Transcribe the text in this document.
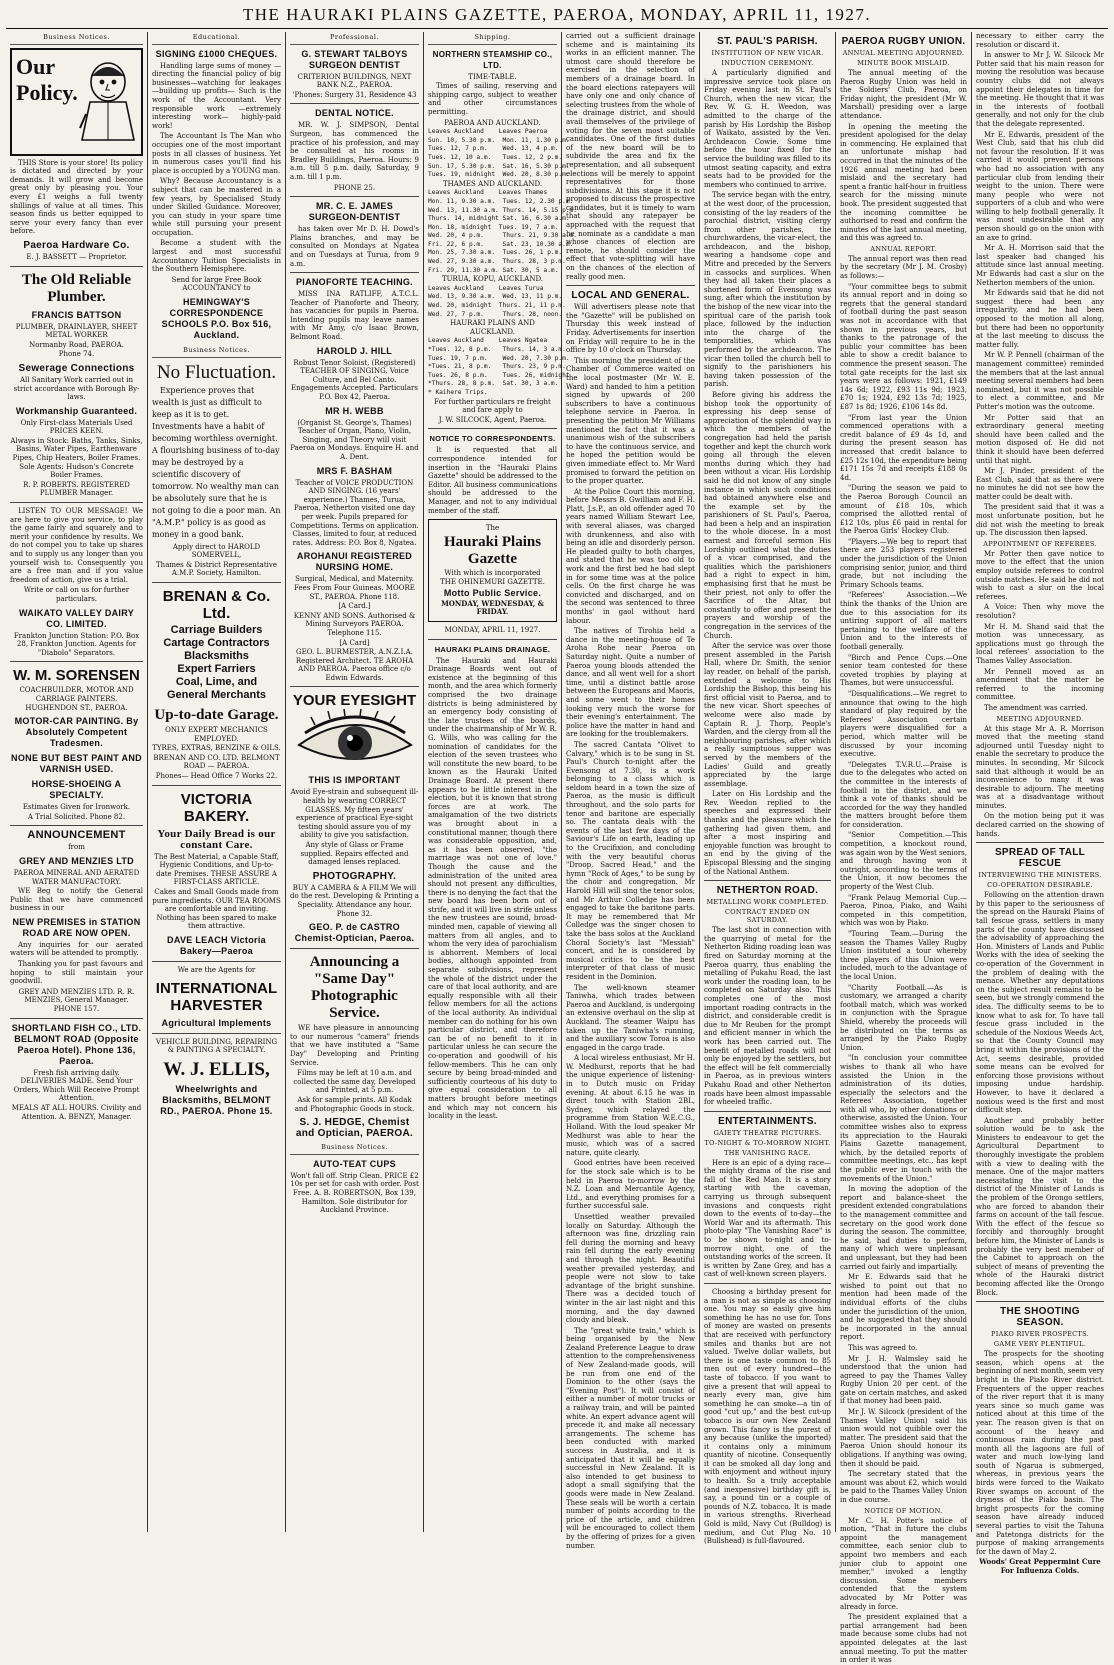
THE HAURAKI PLAINS GAZETTE, PAEROA, MONDAY, APRIL 11, 1927.
Business Notices.
Our Policy.
THIS Store is your store! Its policy is dictated and directed by your demands. It will grow and become great only by pleasing you. Your every £1 weighs a full twenty shillings of value at all times. This season finds us better equipped to serve your every fancy than ever before.
Paeroa Hardware Co.
E. J. BASSETT — Proprietor.
The Old Reliable Plumber.
FRANCIS BATTSON
PLUMBER, DRAINLAYER, SHEET METAL WORKER
Normanby Road, PAEROA.
Phone 74.
Sewerage Connections
All Sanitary Work carried out in strict accordance with Borough By-laws.
Workmanship Guaranteed.
Only First-class Materials Used PRICES KEEN.
Always in Stock: Baths, Tanks, Sinks, Basins, Water Pipes, Earthenware Pipes, Chip Heaters, Boiler Frames. Sole Agents: Hudson's Concrete Boiler Frames.
R. P. ROBERTS. REGISTERED PLUMBER Manager.
LISTEN TO OUR MESSAGE! We are here to give you service, to play the game fairly and squarely and to merit your confidence by results. We do not compel you to take up shares and to supply us any longer than you yourself wish to. Consequently you are a free man and if you value freedom of action, give us a trial.
Write or call on us for further particulars.
WAIKATO VALLEY DAIRY CO. LIMITED.
Frankton Junction Station: P.O. Box 28, Frankton Junction. Agents for "Diabolo" Separators.
W. M. SORENSEN
COACHBUILDER, MOTOR AND CARRIAGE PAINTERS. HUGHENDON ST., PAEROA.
MOTOR-CAR PAINTING. By Absolutely Competent Tradesmen.
NONE BUT BEST PAINT AND VARNISH USED.
HORSE-SHOEING A SPECIALTY.
Estimates Given for Ironwork.
A Trial Solicited. Phone 82.
ANNOUNCEMENT
from
GREY AND MENZIES LTD
PAEROA MINERAL AND AERATED WATER MANUFACTORY.
WE Beg to notify the General Public that we have commenced business in our
NEW PREMISES in STATION ROAD ARE NOW OPEN.
Any inquiries for our aerated waters will be attended to promptly.
Thanking you for past favours and hoping to still maintain your goodwill.
GREY AND MENZIES LTD. R. R. MENZIES, General Manager. PHONE 157.
SHORTLAND FISH CO., LTD. BELMONT ROAD (Opposite Paeroa Hotel). Phone 136, Paeroa.
Fresh fish arriving daily. DELIVERIES MADE. Send Your Orders, Which Will Receive Prompt Attention.
MEALS AT ALL HOURS. Civility and Attention. A. BENZY, Manager.
Educational.
SIGNING £1000 CHEQUES.
Handling large sums of money —directing the financial policy of big businesses—watching for leakages—building up profits— Such is the work of the Accountant. Very responsible work —extremely interesting work— highly-paid work!
The Accountant Is The Man who occupies one of the most important posts in all classes of business. Yet in numerous cases you'll find his place is occupied by a YOUNG man.
Why? Because Accountancy is a subject that can be mastered in a few years, by Specialised Study under Skilled Guidance. Moreover, you can study in your spare time while still pursuing your present occupation.
Become a student with the largest and most successful Accountancy Tuition Specialists in the Southern Hemisphere.
Send for large Free Book ACCOUNTANCY to
HEMINGWAY'S CORRESPONDENCE SCHOOLS P.O. Box 516, Auckland.
Business Notices.
No Fluctuation.
Experience proves that wealth is just as difficult to keep as it is to get. Investments have a habit of becoming worthless overnight. A flourishing business of to-day may be destroyed by a scientific discovery of tomorrow. No wealthy man can be absolutely sure that he is not going to die a poor man. An "A.M.P." policy is as good as money in a good bank.
Apply direct to HAROLD SOMERVELL,
Thames & District Representative A.M.P. Society, Hamilton.
BRENAN & Co. Ltd.
Carriage Builders
Cartage Contractors
Blacksmiths
Expert Farriers
Coal, Lime, and
General Merchants
Up-to-date Garage.
ONLY EXPERT MECHANICS EMPLOYED.
TYRES, EXTRAS, BENZINE & OILS.
BRENAN AND CO. LTD. BELMONT ROAD — PAEROA.
Phones— Head Office 7 Works 22.
VICTORIA BAKERY.
Your Daily Bread is our constant Care.
The Best Material, a Capable Staff, Hygienic Conditions, and Up-to-date Premises. THESE ASSURE A FIRST-CLASS ARTICLE.
Cakes and Small Goods made from pure ingredients. OUR TEA ROOMS are comfortable and inviting. Nothing has been spared to make them attractive.
DAVE LEACH Victoria Bakery—Paeroa
We are the Agents for
INTERNATIONAL HARVESTER
Agricultural Implements
VEHICLE BUILDING, REPAIRING & PAINTING A SPECIALTY.
W. J. ELLIS,
Wheelwrights and Blacksmiths, BELMONT RD., PAEROA. Phone 15.
Professional.
G. STEWART TALBOYS SURGEON DENTIST
CRITERION BUILDINGS, NEXT BANK N.Z., PAEROA.
'Phones: Surgery 31, Residence 43
DENTAL NOTICE.
MR. W. J. SIMPSON, Dental Surgeon, has commenced the practice of his profession, and may be consulted at his rooms in Bradley Buildings, Paeroa. Hours: 9 a.m. till 5 p.m. daily, Saturday, 9 a.m. till 1 p.m.
PHONE 25.
MR. C. E. JAMES SURGEON-DENTIST
has taken over Mr D. H. Dowd's Plains branches, and may be consulted on Mondays at Ngatea and on Tuesdays at Turua, from 9 a.m.
PIANOFORTE TEACHING.
MISS INA RATLIFF, A.T.C.L. Teacher of Pianoforte and Theory, has vacancies for pupils in Paeroa. Intending pupils may leave names with Mr Amy, c/o Isaac Brown, Belmont Road.
HAROLD J. HILL
Robust Tenor Soloist, (Registered) TEACHER OF SINGING, Voice Culture, and Bel Canto. Engagements Accepted. Particulars P.O. Box 42, Paeroa.
MR H. WEBB
(Organist St. George's, Thames) Teacher of Organ, Piano, Violin, Singing, and Theory will visit Paeroa on Mondays. Enquire H. and A. Dent.
MRS F. BASHAM
Teacher of VOICE PRODUCTION AND SINGING. (16 years' experience.) Thames, Turua, Paeroa, Netherton visited one day per week. Pupils prepared for Competitions. Terms on application. Classes, limited to four, at reduced rates. Address: P.O. Box 8, Ngatea.
AROHANUI REGISTERED NURSING HOME.
Surgical, Medical, and Maternity. Fees From Four Guineas. MOORE ST., PAEROA. Phone 118.
[A Card.]
KENNY AND SONS. Authorised & Mining Surveyors PAEROA. Telephone 115.
[A Card]
GEO. L. BURMESTER, A.N.Z.I.A. Registered Architect. TE AROHA AND PAEROA. Paeroa office c/o Edwin Edwards.
YOUR EYESIGHT
THIS IS IMPORTANT
Avoid Eye-strain and subsequent ill-health by wearing CORRECT GLASSES. My fifteen years' experience of practical Eye-sight testing should assure you of my ability to give you satisfaction.
Any style of Glass or Frame supplied. Repairs effected and damaged lenses replaced.
PHOTOGRAPHY.
BUY A CAMERA & A FILM We will do the rest. Developing & Printing a Speciality. Attendance any hour. Phone 32.
GEO. P. de CASTRO Chemist-Optician, Paeroa.
Announcing a "Same Day" Photographic Service.
WE have pleasure in announcing to our numerous "camera" friends that we have instituted a "Same Day" Developing and Printing Service.
Films may be left at 10 a.m. and collected the same day, Developed and Printed, at 5 p.m.
Ask for sample prints. All Kodak and Photographic Goods in stock.
S. J. HEDGE, Chemist and Optician, PAEROA.
Business Notices.
AUTO-TEAT CUPS
Won't fall off. Strip Clean. PRICE £2 10s per set for cash with order. Post Free. A. B. ROBERTSON, Box 139, Hamilton. Sole distributor for Auckland Province.
Shipping.
NORTHERN STEAMSHIP CO., LTD.
TIME-TABLE.
Times of sailing, reserving and shipping cargo, subject to weather and other circumstances permitting.
PAEROA AND AUCKLAND.
Leaves Auckland    Leaves Paeroa
Sun. 10, 5.30 p.m.  Mon. 11, 1.30 p.m.
Tues. 12, 7 p.m.    Wed. 13, 4 p.m.
Tues. 12, 10 a.m.   Tues. 12, 2 p.m.
Sun. 17, 5.30 p.m.  Sat. 16, 5.30 p.m.
Tues. 19, midnight  Wed. 20, 8.30 p.m.
THAMES AND AUCKLAND.
Leaves Auckland    Leaves Thames
Mon. 11, 9.30 a.m.  Tues. 12, 2.30 p.m.
Wed. 13, 11.30 a.m. Thurs. 14, 5.15 p.m.
Thurs. 14, midnight Sat. 16, 6.30 a.m.
Mon. 18, midnight  Tues. 19, 7 a.m.
Wed. 20, 4 p.m.     Thurs. 21, 9.30 a.m.
Fri. 22, 6 p.m.     Sat. 23, 10.30 a.m.
Mon. 25, 7.30 a.m.  Tues. 26, 1 p.m.
Wed. 27, 9.30 a.m.  Thurs. 28, 3 p.m.
Fri. 29, 11.30 a.m. Sat. 30, 5 a.m.
TURUA, KOPU, AUCKLAND.
Leaves Auckland    Leaves Turua
Wed. 13, 9.30 a.m.  Wed. 13, 11 p.m.
Wed. 20, midnight  Thurs. 21, 11 p.m.
Wed. 27, 7 p.m.     Thurs. 28, noon.
HAURAKI PLAINS AND AUCKLAND.
Leaves Auckland    Leaves Ngatea
*Tues. 12, 8 p.m.   Thurs. 14, 3 a.m.
Tues. 19, 7 p.m.    Wed. 20, 7.30 p.m.
*Tues. 21, 8 p.m.   Thurs. 23, 9 p.m.
Tues. 26, 8 p.m.    Tues. 26, midnight
*Thurs. 28, 8 p.m.  Sat. 30, 3 a.m.
* Kaihere Trips.
For further particulars re freight and fare apply to
J. W. SILCOCK, Agent, Paeroa.
NOTICE TO CORRESPONDENTS.
It is requested that all correspondence intended for insertion in the "Hauraki Plains Gazette" should be addressed to the Editor. All business communications should be addressed to the Manager, and not to any individual member of the staff.
The
Hauraki Plains Gazette
With which is incorporated
THE OHINEMURI GAZETTE.
Motto Public Service.
MONDAY, WEDNESDAY, & FRIDAY.
MONDAY, APRIL 11, 1927.
HAURAKI PLAINS DRAINAGE.
The Hauraki and Hauraki Drainage Boards went out of existence at the beginning of this month, and the area which formerly comprised the two drainage districts is being administered by an emergency body consisting of the late trustees of the boards, under the chairmanship of Mr W. R. G. Wills, who was calling for the nomination of candidates for the election of the seven trustees who will constitute the new board, to be known as the Hauraki United Drainage Board. At present there appears to be little interest in the election, but it is known that strong forces are at work. The amalgamation of the two districts was brought about in a constitutional manner, though there was considerable opposition, and, as it has been observed, "the marriage was not one of love." Though the cause and the administration of the united area should not present any difficulties, there is no denying the fact that the new board has been born out of strife, and it will live in strife unless the new trustees are sound, broad-minded men, capable of viewing all matters from all angles, and to whom the very idea of parochialism is abhorrent. Members of local bodies, although appointed from separate subdivisions, represent the whole of the district under the care of that local authority, and are equally responsible with all their fellow members for all the actions of the local authority. An individual member can do nothing for his own particular district, and therefore can be of no benefit to it in particular unless he can secure the co-operation and goodwill of his fellow-members. This he can only secure by being broad-minded and sufficiently courteous of his duty to give equal consideration to all matters brought before meetings and which may not concern his locality in the least.
carried out a sufficient drainage scheme and is maintaining its works in an efficient manner. The utmost care should therefore be exercised in the selection of members of a drainage board. In the board elections ratepayers will have only one and only chance of selecting trustees from the whole of the drainage district, and should avail themselves of the privilege of voting for the seven most suitable candidates. One of the first duties of the new board will be to subdivide the area and fix the representation, and all subsequent elections will be merely to appoint representatives for those subdivisions. At this stage it is not proposed to discuss the prospective candidates, but it is timely to warn that should any ratepayer be approached with the request that he nominate as a candidate a man whose chances of election are remote, he should consider the effect that vote-splitting will have on the chances of the election of really good men.
LOCAL AND GENERAL.
Will advertisers please note that the "Gazette" will be published on Thursday this week instead of Friday. Advertisements for insertion on Friday will require to be in the office by 10 o'clock on Thursday.
This morning the president of the Chamber of Commerce waited on the local postmaster (Mr W. E. Ward) and handed to him a petition signed by upwards of 200 subscribers to have a continuous telephone service in Paeroa. In presenting the petition Mr Williams mentioned the fact that it was a unanimous wish of the subscribers to have the continuous service, and he hoped the petition would be given immediate effect to. Mr Ward promised to forward the petition on to the proper quarter.
At the Police Court this morning, before Messrs B. Gwilliam and F. H. Platt, J.s.P., an old offender aged 70 years named William Stewart Lee, with several aliases, was charged with drunkenness, and also with being an idle and disorderly person. He pleaded guilty to both charges, and stated that he was too old to work and the first bed he had slept in for some time was at the police cells. On the first charge he was convicted and discharged, and on the second was sentenced to three months' in gaol without hard labour.
The natives of Tirohia held a dance in the meeting-house of Te Aroha Rohe near Paeroa on Saturday night. Quite a number of Paeroa young bloods attended the dance, and all went well for a short time, until a distinct battle arose between the Europeans and Maoris, and some went to their homes looking very much the worse for their evening's entertainment. The police have the matter in hand and are looking for the troublemakers.
The sacred Cantata "Olivet to Calvary," which is to be sung in St. Paul's Church to-night after the Evensong at 7.30, is a work belonging to a class which is seldom heard in a town the size of Paeroa, as the music is difficult throughout, and the solo parts for tenor and baritone are especially so. The cantata deals with the events of the last few days of the Saviour's Life on earth, leading up to the Crucifixion, and concluding with the very beautiful chorus "Droop, Sacred Head," and the hymn "Rock of Ages," to be sung by the choir and congregation. Mr Harold Hill will sing the tenor solos, and Mr Arthur Colledge has been engaged to take the baritone parts. It may be remembered that Mr Colledge was the singer chosen to take the bass solos at the Auckland Choral Society's last "Messiah" concert, and he is considered by musical critics to be the best interpreter of that class of music resident in the Dominion.
The well-known steamer Taniwha, which trades between Paeroa and Auckland, is undergoing an extensive overhaul on the slip at Auckland. The steamer Waipu has taken up the Taniwha's running, and the auxiliary scow Toroa is also engaged in the cargo trade.
A local wireless enthusiast, Mr H. W. Medhurst, reports that he had the unique experience of listening-in to Dutch music on Friday evening. At about 6.15 he was in direct touch with Station 2BL, Sydney, which relayed the programme from Station W.E.C.G., Holland. With the loud speaker Mr Medhurst was able to hear the music, which was of a sacred nature, quite clearly.
Good entries have been received for the stock sale which is to be held in Paeroa to-morrow by the N.Z. Loan and Mercantile Agency, Ltd., and everything promises for a further successful sale.
Unsettled weather prevailed locally on Saturday. Although the afternoon was fine, drizzling rain fell during the morning and heavy rain fell during the early evening and through the night. Beautiful weather prevailed yesterday, and people were not slow to take advantage of the bright sunshine. There was a decided touch of winter in the air last night and this morning, and the day dawned cloudy and bleak.
The "great white train," which is being organised by the New Zealand Preference League to draw attention to the comprehensiveness of New Zealand-made goods, will be run from one end of the Dominion to the other (says the "Evening Post"). It will consist of either a number of motor trucks or a railway train, and will be painted white. An expert advance agent will precede it, and make all necessary arrangements. The scheme has been conducted with marked success in Australia, and it is anticipated that it will be equally successful in New Zealand. It is also intended to get business to adopt a small signifying that the goods were made in New Zealand. These seals will be worth a certain number of points according to the price of the article, and children will be encouraged to collect them by the offering of prizes for a given number.
ST. PAUL'S PARISH.
INSTITUTION OF NEW VICAR.
INDUCTION CEREMONY.
A particularly dignified and impressive service took place on Friday evening last in St. Paul's Church, when the new vicar, the Rev. W. G. H. Weedon, was admitted to the charge of the parish by His Lordship the Bishop of Waikato, assisted by the Ven. Archdeacon Cowie. Some time before the hour fixed for the service the building was filled to its utmost seating capacity, and extra seats had to be provided for the members who continued to arrive.
The service began with the entry, at the west door, of the procession, consisting of the lay readers of the parochial district, visiting clergy from other parishes, the churchwardens, the vicar-elect, the archdeacon, and the bishop, wearing a handsome cope and Mitre and preceded by the Servers in cassocks and surplices. When they had all taken their places a shortened form of Evensong was sung, after which the institution by the bishop of the new vicar into the spiritual care of the parish took place, followed by the induction into the charge of the temporalities, which was performed by the archdeacon. The vicar then tolled the church bell to signify to the parishioners his having taken possession of the parish.
Before giving his address the bishop took the opportunity of expressing his deep sense of appreciation of the splendid way in which the members of the congregation had held the parish together and kept the church work going all through the eleven months during which they had been without a vicar. His Lordship said he did not know of any single instance in which such conditions had obtained anywhere else and the example set by the parishioners of St. Paul's, Paeroa, had been a help and an inspiration to the whole diocese. In a most earnest and forceful sermon His Lordship outlined what the duties of a vicar comprised, and the qualities which the parishioners had a right to expect in him, emphasising first that he must be their priest, not only to offer the Sacrifice of the Altar, but constantly to offer and present the prayers and worship of the congregation in the services of the Church.
After the service was over those present assembled in the Parish Hall, where Dr. Smith, the senior lay reader, on behalf of the parish, extended a welcome to His Lordship the Bishop, this being his first official visit to Paeroa, and to the new vicar. Short speeches of welcome were also made by Captain R. J. Thorp, People's Warden, and the clergy from all the neighbouring parishes, after which a really sumptuous supper was served by the members of the Ladies' Guild and greatly appreciated by the large assemblage.
Later on His Lordship and the Rev. Weedon replied to the speeches and expressed their thanks and the pleasure which the gathering had given them, and after a most inspiring and enjoyable function was brought to an end by the giving of the Episcopal Blessing and the singing of the National Anthem.
NETHERTON ROAD.
METALLING WORK COMPLETED.
CONTRACT ENDED ON SATURDAY.
The last shot in connection with the quarrying of metal for the Netherton Riding roading loan was fired on Saturday morning at the Paeroa quarry, thus enabling the metalling of Pukahu Road, the last work under the roading loan, to be completed on Saturday also. This completes one of the most important roading contracts in the district, and considerable credit is due to Mr Reuben for the prompt and efficient manner in which the work has been carried out. The benefit of metalled roads will not only be enjoyed by the settlers, but the effect will be felt commercially in Paeroa, as in previous winters Pukahu Road and other Netherton roads have been almost impassable for wheeled traffic.
ENTERTAINMENTS.
GAIETY THEATRE PICTURES.
TO-NIGHT & TO-MORROW NIGHT.
THE VANISHING RACE.
Here is an epic of a dying race—the mighty drama of the rise and fall of the Red Man. It is a story starting with the caveman, carrying us through subsequent invasions and conquests right down to the events of to-day—the World War and its aftermath. This photo-play "The Vanishing Race" is to be shown to-night and to-morrow night, one of the outstanding works of the screen. It is written by Zane Grey, and has a cast of well-known screen players.
Choosing a birthday present for a man is not as simple as choosing one. You may so easily give him something he has no use for. Tons of money are wasted on presents that are received with perfunctory smiles and thanks but are not valued. Twelve dollar wallets, but there is one taste common to 85 men out of every hundred—the taste of tobacco. If you want to give a present that will appeal to nearly every man, give him something he can smoke—a tin of good "cut up," and the best cut-up tobacco is our own New Zealand grown. This fancy is the purest of any because (unlike the imported) it contains only a minimum quantity of nicotine. Consequently it can be smoked all day long and with enjoyment and without injury to health. So a truly acceptable (and inexpensive) birthday gift is, say, a pound tin or a couple of pounds of N.Z. tobacco. It is made in various strengths. Riverhead Gold is mild, Navy Cut (Bulldog) is medium, and Cut Plug No. 10 (Bullshead) is full-flavoured.
PAEROA RUGBY UNION.
ANNUAL MEETING ADJOURNED.
MINUTE BOOK MISLAID.
The annual meeting of the Paeroa Rugby Union was held in the Soldiers' Club, Paeroa, on Friday night, the president (Mr W. Marshall) presiding over a large attendance.
In opening the meeting the president apologised for the delay in commencing. He explained that an unfortunate mishap had occurred in that the minutes of the 1926 annual meeting had been mislaid and the secretary had spent a frantic half-hour in fruitless search for the missing minute book. The president suggested that the incoming committee be authorised to read and confirm the minutes of the last annual meeting, and this was agreed to.
ANNUAL REPORT.
The annual report was then read by the secretary (Mr J. M. Crosby) as follows:—
"Your committee begs to submit its annual report and in doing so regrets that the general standard of football during the past season was not in accordance with that shown in previous years, but thanks to the patronage of the public your committee has been able to show a credit balance to commence the present season. The total gate receipts for the last six years were as follows: 1921, £149 14s 6d; 1922, £93 11s 9d; 1923, £70 1s; 1924, £92 13s 7d; 1925, £87 1s 8d; 1926, £106 14s 8d.
"From last year the Union commenced operations with a credit balance of £9 4s 1d, and during the present season has increased that credit balance to £25 12s 10d, the expenditure being £171 15s 7d and receipts £188 0s 4d.
"During the season we paid to the Paeroa Borough Council an amount of £18 10s, which comprised the allotted rental of £12 10s, plus £6 paid in rental for the Paeroa Girls' Hockey Club.
"Players.—We beg to report that there are 253 players registered under the jurisdiction of the Union comprising senior, junior, and third grade, but not including the Primary Schools teams.
"Referees' Association.—We think the thanks of the Union are due to this association for its untiring support of all matters pertaining to the welfare of the Union and to the interests of football generally.
"Birch and Pence Cups.—One senior team contested for these coveted trophies by playing at Thames, but were unsuccessful.
"Disqualifications.—We regret to announce that owing to the high standard of play required by the Referees' Association certain players were disqualified for a period, which matter will be discussed by your incoming executive.
"Delegates T.V.R.U.—Praise is due to the delegates who acted on the committee in the interests of football in the district, and we think a vote of thanks should be accorded for the way they handled the matters brought before them for consideration.
"Senior Competition.—This competition, a knockout round, was again won by the West seniors, and through having won it outright, according to the terms of the Union, it now becomes the property of the West Club.
"Frank Pelaug Memorial Cup.—Paeroa, Pinoa, Piako, and Waihi competed in this competition, which was won by Piako.
"Touring Team.—During the season the Thames Valley Rugby Union instituted a tour whereby three players of this Union were included, much to the advantage of the local Union.
"Charity Football.—As is customary, we arranged a charity football match, which was worked in conjunction with the Sprague Shield, whereby the proceeds will be distributed on the terms as arranged by the Piako Rugby Union.
"In conclusion your committee wishes to thank all who have assisted the Union in the administration of its duties, especially the selectors and the Referees' Association, together with all who, by other donations or otherwise, assisted the Union. Your committee wishes also to express its appreciation to the Hauraki Plains Gazette management, which, by the detailed reports of committee meetings, etc., has kept the public ever in touch with the movements of the Union."
In moving the adoption of the report and balance-sheet the president extended congratulations to the management committee and secretary on the good work done during the season. The committee, he said, had duties to perform, many of which were unpleasant and unpleasant, but they had been carried out fairly and impartially.
Mr E. Edwards said that he wished to point out that no mention had been made of the individual efforts of the clubs under the jurisdiction of the union, and he suggested that they should be incorporated in the annual report.
This was agreed to.
Mr J. H. Walmsley said he understood that the union had agreed to pay the Thames Valley Rugby Union 20 per cent. of the gate on certain matches, and asked if that money had been paid.
Mr J. W. Silcock (president of the Thames Valley Union) said his union would not quibble over the matter. The president said that the Paeroa Union should honour its obligations. If anything was owing, then it should be paid.
The secretary stated that the amount was about £2, which would be paid to the Thames Valley Union in due course.
NOTICE OF MOTION.
Mr C. H. Potter's notice of motion, "That in future the clubs appoint the management committee, each senior club to appoint two members and each junior club to appoint one member," invoked a lengthy discussion. Some members contended that the system advocated by Mr Potter was already in force.
The president explained that a partial arrangement had been made because some clubs had not appointed delegates at the last annual meeting. To put the matter in order it was
necessary to either carry the resolution or discard it.
In answer to Mr J. W. Silcock Mr Potter said that his main reason for moving the resolution was because country clubs did not always appoint their delegates in time for the meeting. He thought that it was in the interests of football generally, and not only for the club that the delegate represented.
Mr E. Edwards, president of the West Club, said that his club did not favour the resolution. If it was carried it would prevent persons who had no association with any particular club from lending their weight to the union. There were many people who were not supporters of a club and who were willing to help football generally. It was most undesirable that any person should go on the union with an axe to grind.
Mr A. H. Morrison said that the last speaker had changed his attitude since last annual meeting. Mr Edwards had cast a slur on the Netherton members of the union.
Mr Edwards said that he did not suggest there had been any irregularity, and he had been opposed to the motion all along, but there had been no opportunity at the last meeting to discuss the matter fully.
Mr W. P. Pennell (chairman of the management committee) reminded the members that at the last annual meeting several members had been nominated, but it was not possible to elect a committee, and Mr Potter's motion was the outcome.
Mr Potter said that an extraordinary general meeting should have been called and the motion disposed of. He did not think it should have been deferred until that night.
Mr J. Pinder, president of the East Club, said that as there were no minutes he did not see how the matter could be dealt with.
The president said that it was a most unfortunate position, but he did not wish the meeting to break up. The discussion then lapsed.
APPOINTMENT OF REFEREES.
Mr Potter then gave notice to move to the effect that the union employ outside referees to control outside matches. He said he did not wish to cast a slur on the local referees.
A Voice: Then why move the resolution?
Mr H. M. Shand said that the motion was unnecessary, as applications must go through the local referees' association to the Thames Valley Association.
Mr Pennell moved as an amendment that the matter be referred to the incoming committee.
The amendment was carried.
MEETING ADJOURNED.
At this stage Mr A. R. Morrison moved that the meeting stand adjourned until Tuesday night to enable the secretary to produce the minutes. In seconding, Mr Silcock said that although it would be an inconvenience to many it was desirable to adjourn. The meeting was at a disadvantage without minutes.
On the motion being put it was declared carried on the showing of hands.
SPREAD OF TALL FESCUE
INTERVIEWING THE MINISTERS.
CO-OPERATION DESIRABLE.
Following on the attention drawn by this paper to the seriousness of the spread on the Hauraki Plains of tall fescue grass, settlers in many parts of the county have discussed the advisability of approaching the Hon. Ministers of Lands and Public Works with the idea of seeking the co-operation of the Government in the problem of dealing with the menace. Whether any deputations on the subject result remains to be seen, but we strongly commend the idea. The difficulty seems to be to know what to ask for. To have tall fescue grass included in the schedule of the Noxious Weeds Act, so that the County Council may bring it within the provisions of the Act, seems desirable, provided some means can be evolved for enforcing those provisions without imposing undue hardship. However, to have it declared a noxious weed is the first and most difficult step.
Another and probably better solution would be to ask the Ministers to endeavour to get the Agricultural Department to thoroughly investigate the problem with a view to dealing with the menace. One of the major matters necessitating the visit to the district of the Minister of Lands is the problem of the Orongo settlers, who are forced to abandon their farms on account of the tall fescue. With the effect of the fescue so forcibly and thoroughly brought before him, the Minister of Lands is probably the very best member of the Cabinet to approach on the subject of means of preventing the whole of the Hauraki district becoming affected like the Orongo Block.
THE SHOOTING SEASON.
PIAKO RIVER PROSPECTS.
GAME VERY PLENTIFUL.
The prospects for the shooting season, which opens at the beginning of next month, seem very bright in the Piako River district. Frequenters of the upper reaches of the river report that it is many years since so much game was noticed about at this time of the year. The reason given is that on account of the heavy and continuous rain during the past month all the lagoons are full of water and much low-lying land south of Ngarua is submerged, whereas, in previous years the birds were forced to the Waikato River swamps on account of the dryness of the Piako basin. The bright prospects for the coming season have already induced several parties to visit the Tahuna and Patetonga districts for the purpose of making arrangements for the dawn of May 2.
Woods' Great Peppermint Cure For Influenza Colds.
